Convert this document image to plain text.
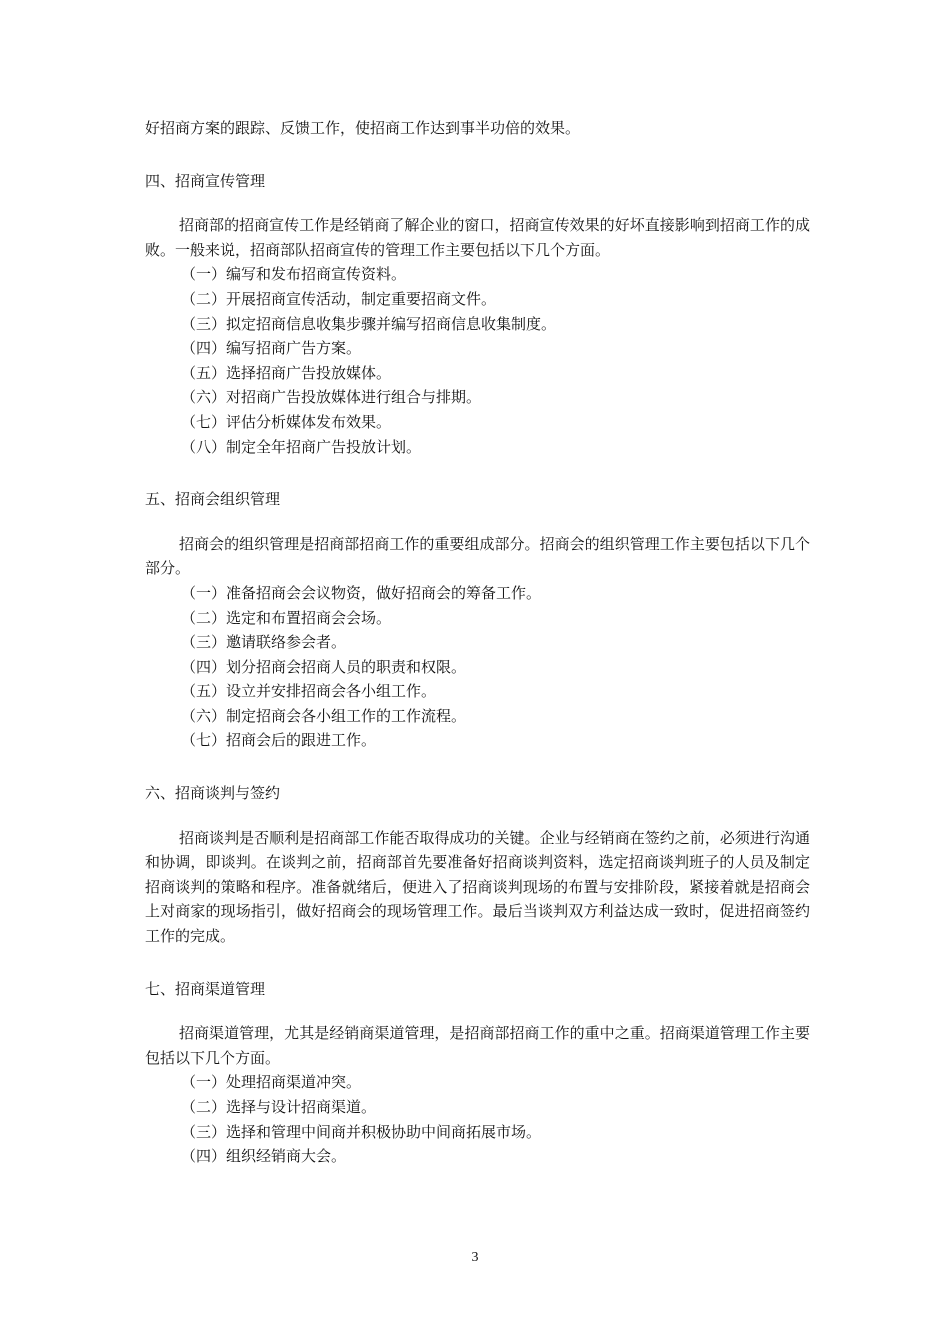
好招商方案的跟踪、反馈工作，使招商工作达到事半功倍的效果。

四、招商宣传管理

招商部的招商宣传工作是经销商了解企业的窗口，招商宣传效果的好坏直接影响到招商工作的成败。一般来说，招商部队招商宣传的管理工作主要包括以下几个方面。

（一）编写和发布招商宣传资料。

（二）开展招商宣传活动，制定重要招商文件。

（三）拟定招商信息收集步骤并编写招商信息收集制度。

（四）编写招商广告方案。

（五）选择招商广告投放媒体。

（六）对招商广告投放媒体进行组合与排期。

（七）评估分析媒体发布效果。

（八）制定全年招商广告投放计划。

五、招商会组织管理

招商会的组织管理是招商部招商工作的重要组成部分。招商会的组织管理工作主要包括以下几个部分。

（一）准备招商会会议物资，做好招商会的筹备工作。

（二）选定和布置招商会会场。

（三）邀请联络参会者。

（四）划分招商会招商人员的职责和权限。

（五）设立并安排招商会各小组工作。

（六）制定招商会各小组工作的工作流程。

（七）招商会后的跟进工作。

六、招商谈判与签约

招商谈判是否顺利是招商部工作能否取得成功的关键。企业与经销商在签约之前，必须进行沟通和协调，即谈判。在谈判之前，招商部首先要准备好招商谈判资料，选定招商谈判班子的人员及制定招商谈判的策略和程序。准备就绪后，便进入了招商谈判现场的布置与安排阶段，紧接着就是招商会上对商家的现场指引，做好招商会的现场管理工作。最后当谈判双方利益达成一致时，促进招商签约工作的完成。

七、招商渠道管理

招商渠道管理，尤其是经销商渠道管理，是招商部招商工作的重中之重。招商渠道管理工作主要包括以下几个方面。

（一）处理招商渠道冲突。

（二）选择与设计招商渠道。

（三）选择和管理中间商并积极协助中间商拓展市场。

（四）组织经销商大会。

3
